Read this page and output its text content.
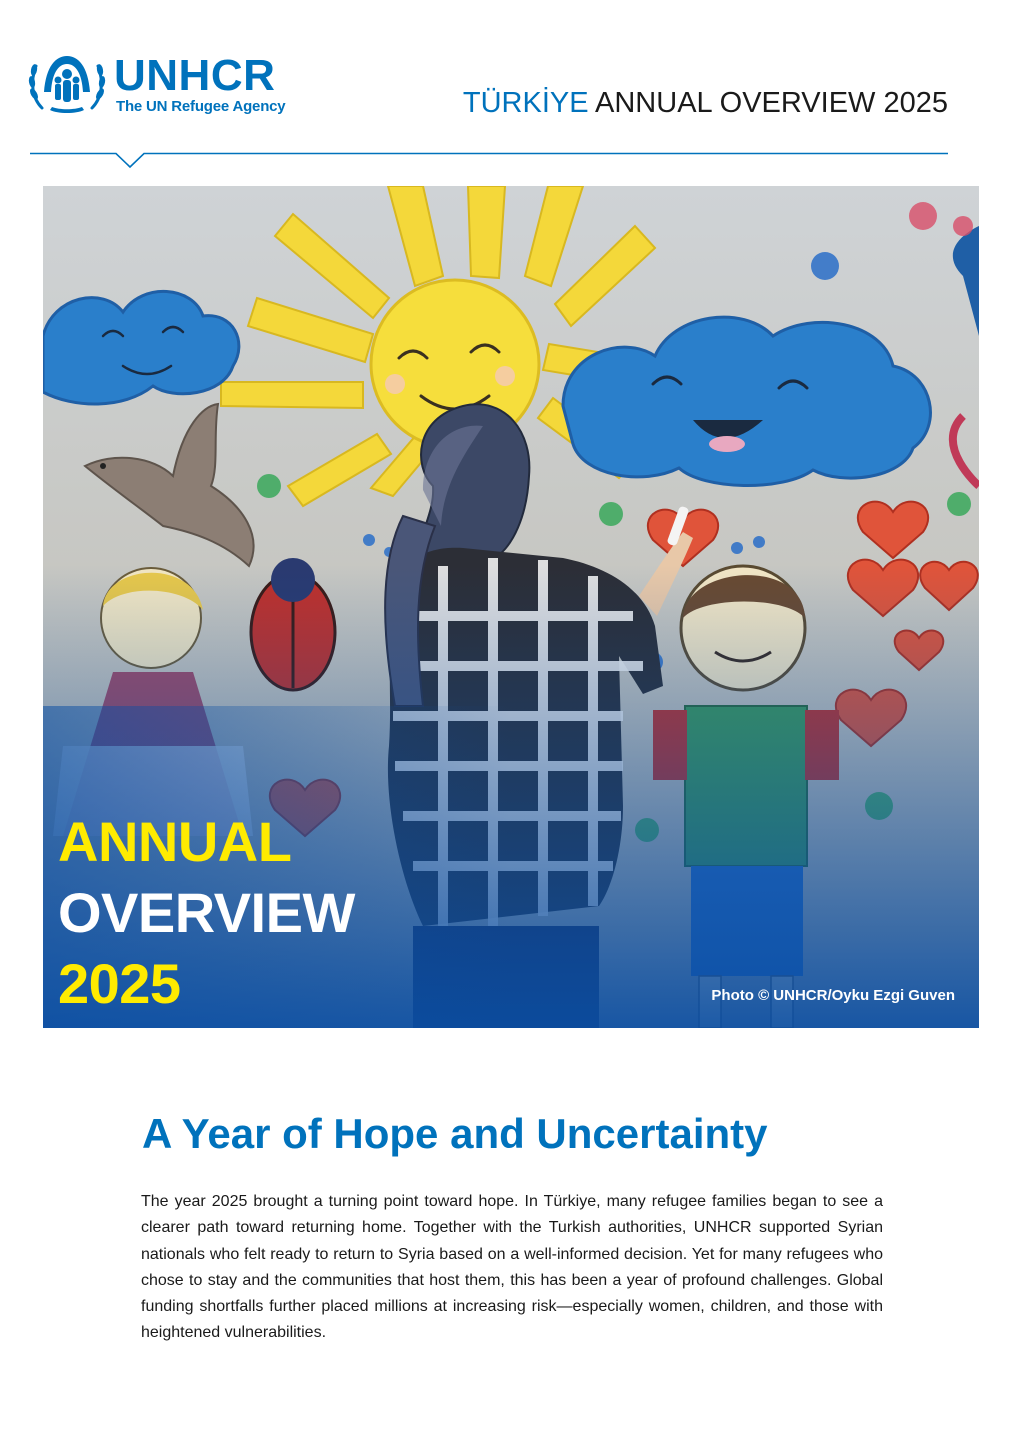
UNHCR
The UN Refugee Agency	TÜRKİYE ANNUAL OVERVIEW 2025
ANNUAL
OVERVIEW
2025	Photo © UNHCR/Oyku Ezgi Guven
A Year of Hope and Uncertainty

The year 2025 brought a turning point toward hope. In Türkiye, many refugee families began to see a clearer path toward returning home. Together with the Turkish authorities, UNHCR supported Syrian nationals who felt ready to return to Syria based on a well-informed decision. Yet for many refugees who chose to stay and the communities that host them, this has been a year of profound challenges. Global funding shortfalls further placed millions at increasing risk—especially women, children, and those with heightened vulnerabilities.
